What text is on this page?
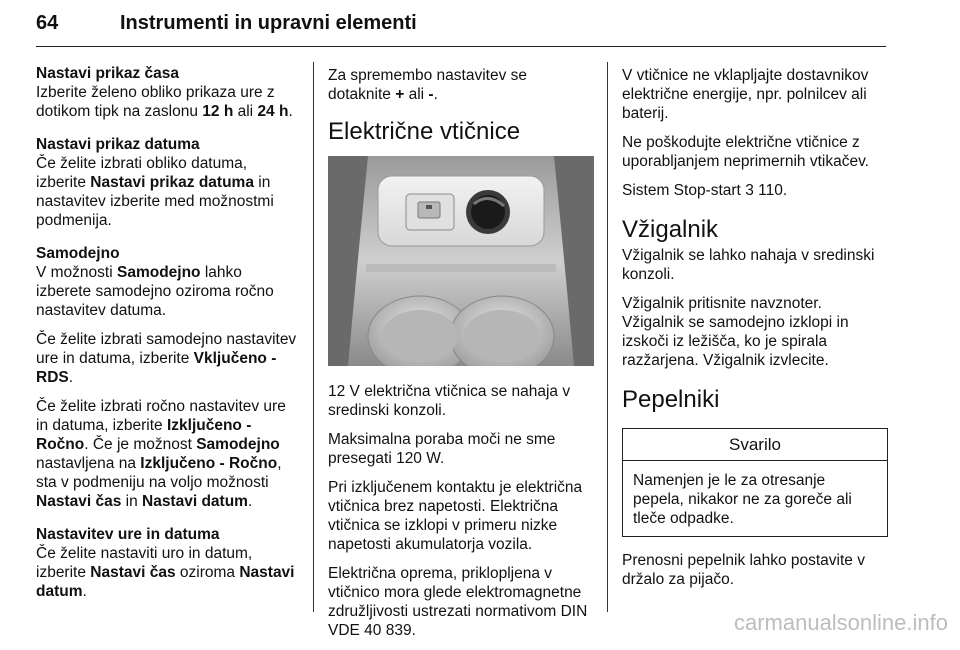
64	Instrumenti in upravni elementi
Nastavi prikaz časa
Izberite želeno obliko prikaza ure z dotikom tipk na zaslonu 12 h ali 24 h.
Nastavi prikaz datuma
Če želite izbrati obliko datuma, izberite Nastavi prikaz datuma in nastavitev izberite med možnostmi podmenija.
Samodejno

V možnosti Samodejno lahko izberete samodejno oziroma ročno nastavitev datuma.

Če želite izbrati samodejno nastavitev ure in datuma, izberite Vključeno - RDS.

Če želite izbrati ročno nastavitev ure in datuma, izberite Izključeno - Ročno. Če je možnost Samodejno nastavljena na Izključeno - Ročno, sta v podmeniju na voljo možnosti Nastavi čas in Nastavi datum.
Nastavitev ure in datuma
Če želite nastaviti uro in datum, izberite Nastavi čas oziroma Nastavi datum.
Za spremembo nastavitev se dotaknite + ali -.
Električne vtičnice

12 V električna vtičnica se nahaja v sredinski konzoli.

Maksimalna poraba moči ne sme presegati 120 W.

Pri izključenem kontaktu je električna vtičnica brez napetosti. Električna vtičnica se izklopi v primeru nizke napetosti akumulatorja vozila.

Električna oprema, priklopljena v vtičnico mora glede elektromagnetne združljivosti ustrezati normativom DIN VDE 40 839.

V vtičnice ne vklapljajte dostavnikov električne energije, npr. polnilcev ali baterij.

Ne poškodujte električne vtičnice z uporabljanjem neprimernih vtikačev.

Sistem Stop-start 3 110.

Vžigalnik

Vžigalnik se lahko nahaja v sredinski konzoli.

Vžigalnik pritisnite navznoter. Vžigalnik se samodejno izklopi in izskoči iz ležišča, ko je spirala razžarjena. Vžigalnik izvlecite.

Pepelniki
Svarilo
Namenjen je le za otresanje pepela, nikakor ne za goreče ali tleče odpadke.

Prenosni pepelnik lahko postavite v držalo za pijačo.

carmanualsonline.info
